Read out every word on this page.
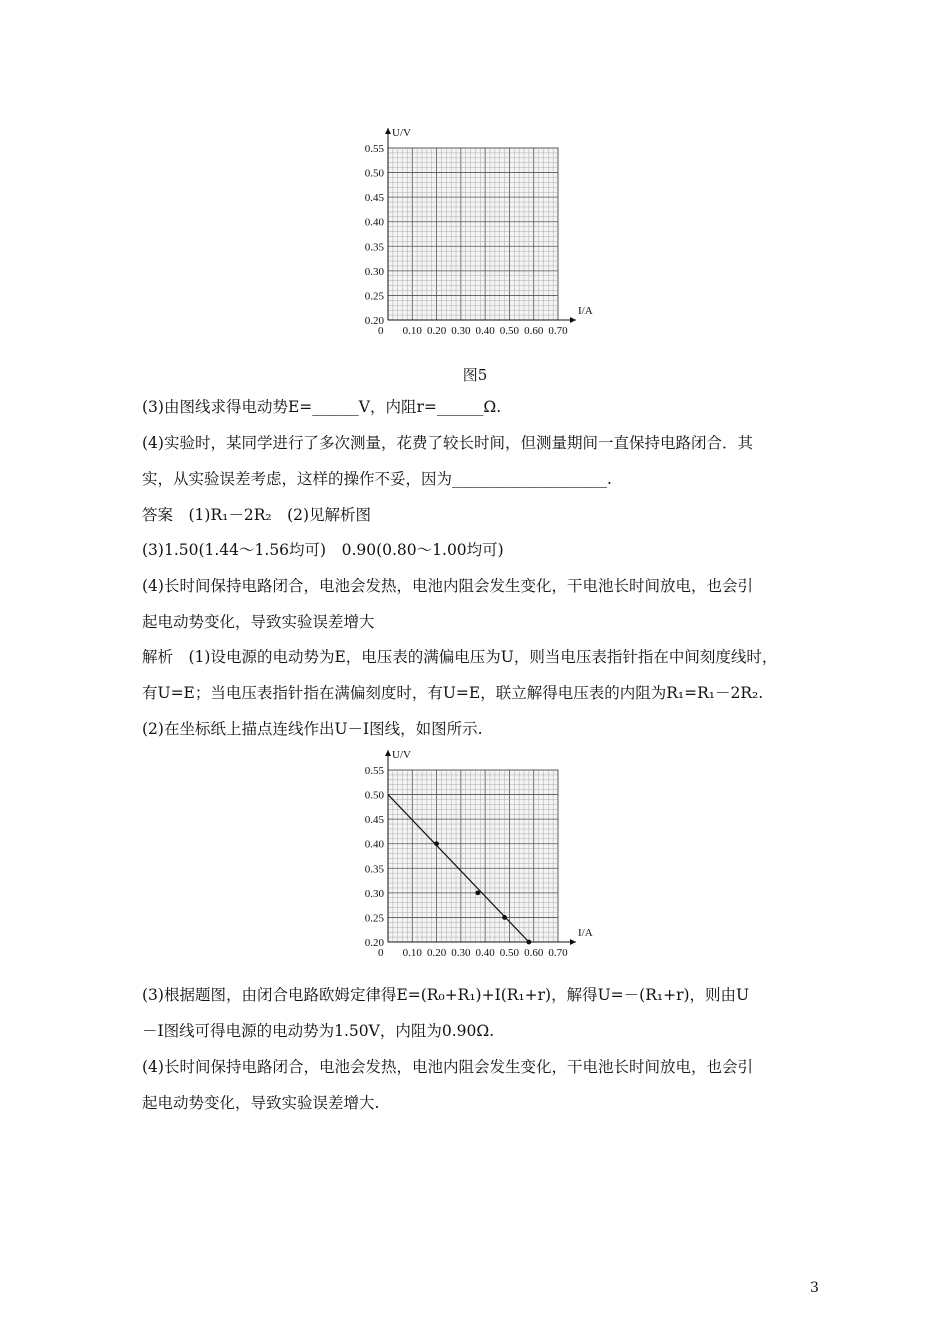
U/V
I/A
0
0.55
0.50
0.45
0.40
0.35
0.30
0.25
0.20
0.10 0.20 0.30 0.40 0.50 0.60 0.70
图5
(3)由图线求得电动势E=______V，内阻r=______Ω.
(4)实验时，某同学进行了多次测量，花费了较长时间，但测量期间一直保持电路闭合．其
实，从实验误差考虑，这样的操作不妥，因为____________________.
答案　(1)R₁－2R₂　(2)见解析图
(3)1.50(1.44～1.56均可)　0.90(0.80～1.00均可)
(4)长时间保持电路闭合，电池会发热，电池内阻会发生变化，干电池长时间放电，也会引
起电动势变化，导致实验误差增大
解析　(1)设电源的电动势为E，电压表的满偏电压为U，则当电压表指针指在中间刻度线时，
有U=E；当电压表指针指在满偏刻度时，有U=E，联立解得电压表的内阻为R₁=R₁－2R₂.
(2)在坐标纸上描点连线作出U－I图线，如图所示.
U/V
I/A
0
0.55
0.50
0.45
0.40
0.35
0.30
0.25
0.20
0.10 0.20 0.30 0.40 0.50 0.60 0.70
(3)根据题图，由闭合电路欧姆定律得E=(R₀+R₁)+I(R₁+r)，解得U=－(R₁+r)，则由U
－I图线可得电源的电动势为1.50V，内阻为0.90Ω.
(4)长时间保持电路闭合，电池会发热，电池内阻会发生变化，干电池长时间放电，也会引
起电动势变化，导致实验误差增大.
3
